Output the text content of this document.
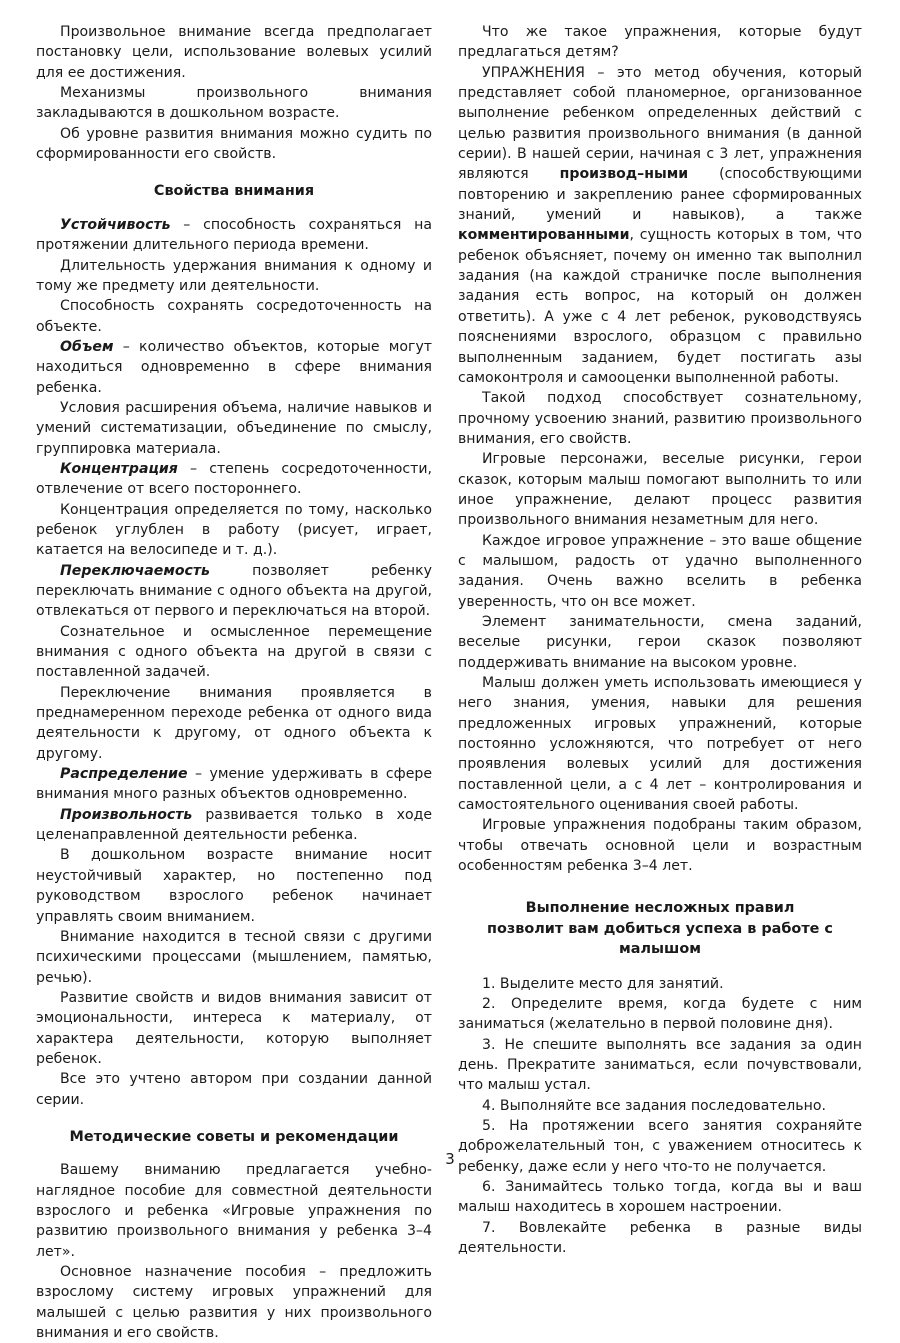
Произвольное внимание всегда предполагает постановку цели, использование волевых усилий для ее достижения.

Механизмы произвольного внимания закладываются в дошкольном возрасте.

Об уровне развития внимания можно судить по сформированности его свойств.

Свойства внимания

Устойчивость – способность сохраняться на протяжении длительного периода времени.

Длительность удержания внимания к одному и тому же предмету или деятельности.

Способность сохранять сосредоточенность на объекте.

Объем – количество объектов, которые могут находиться одновременно в сфере внимания ребенка.

Условия расширения объема, наличие навыков и умений систематизации, объединение по смыслу, группировка материала.

Концентрация – степень сосредоточенности, отвлечение от всего постороннего.

Концентрация определяется по тому, насколько ребенок углублен в работу (рисует, играет, катается на велосипеде и т. д.).

Переключаемость позволяет ребенку переключать внимание с одного объекта на другой, отвлекаться от первого и переключаться на второй.

Сознательное и осмысленное перемещение внимания с одного объекта на другой в связи с поставленной задачей.

Переключение внимания проявляется в преднамеренном переходе ребенка от одного вида деятельности к другому, от одного объекта к другому.

Распределение – умение удерживать в сфере внимания много разных объектов одновременно.

Произвольность развивается только в ходе целенаправленной деятельности ребенка.

В дошкольном возрасте внимание носит неустойчивый характер, но постепенно под руководством взрослого ребенок начинает управлять своим вниманием.

Внимание находится в тесной связи с другими психическими процессами (мышлением, памятью, речью).

Развитие свойств и видов внимания зависит от эмоциональности, интереса к материалу, от характера деятельности, которую выполняет ребенок.

Все это учтено автором при создании данной серии.

Методические советы и рекомендации

Вашему вниманию предлагается учебно-наглядное пособие для совместной деятельности взрослого и ребенка «Игровые упражнения по развитию произвольного внимания у ребенка 3–4 лет».

Основное назначение пособия – предложить взрослому систему игровых упражнений для малышей с целью развития у них произвольного внимания и его свойств.

Что же такое упражнения, которые будут предлагаться детям?

УПРАЖНЕНИЯ – это метод обучения, который представляет собой планомерное, организованное выполнение ребенком определенных действий с целью развития произвольного внимания (в данной серии). В нашей серии, начиная с 3 лет, упражнения являются производ–ными (способствующими повторению и закреплению ранее сформированных знаний, умений и навыков), а также комментированными, сущность которых в том, что ребенок объясняет, почему он именно так выполнил задания (на каждой страничке после выполнения задания есть вопрос, на который он должен ответить). А уже с 4 лет ребенок, руководствуясь пояснениями взрослого, образцом с правильно выполненным заданием, будет постигать азы самоконтроля и самооценки выполненной работы.

Такой подход способствует сознательному, прочному усвоению знаний, развитию произвольного внимания, его свойств.

Игровые персонажи, веселые рисунки, герои сказок, которым малыш помогают выполнить то или иное упражнение, делают процесс развития произвольного внимания незаметным для него.

Каждое игровое упражнение – это ваше общение с малышом, радость от удачно выполненного задания. Очень важно вселить в ребенка уверенность, что он все может.

Элемент занимательности, смена заданий, веселые рисунки, герои сказок позволяют поддерживать внимание на высоком уровне.

Малыш должен уметь использовать имеющиеся у него знания, умения, навыки для решения предложенных игровых упражнений, которые постоянно усложняются, что потребует от него проявления волевых усилий для достижения поставленной цели, а с 4 лет – контролирования и самостоятельного оценивания своей работы.

Игровые упражнения подобраны таким образом, чтобы отвечать основной цели и возрастным особенностям ребенка 3–4 лет.

Выполнение несложных правил
позволит вам добиться успеха в работе с малышом

1. Выделите место для занятий.

2. Определите время, когда будете с ним заниматься (желательно в первой половине дня).

3. Не спешите выполнять все задания за один день. Прекратите заниматься, если почувствовали, что малыш устал.

4. Выполняйте все задания последовательно.

5. На протяжении всего занятия сохраняйте доброжелательный тон, с уважением относитесь к ребенку, даже если у него что-то не получается.

6. Занимайтесь только тогда, когда вы и ваш малыш находитесь в хорошем настроении.

7. Вовлекайте ребенка в разные виды деятельности.

3
